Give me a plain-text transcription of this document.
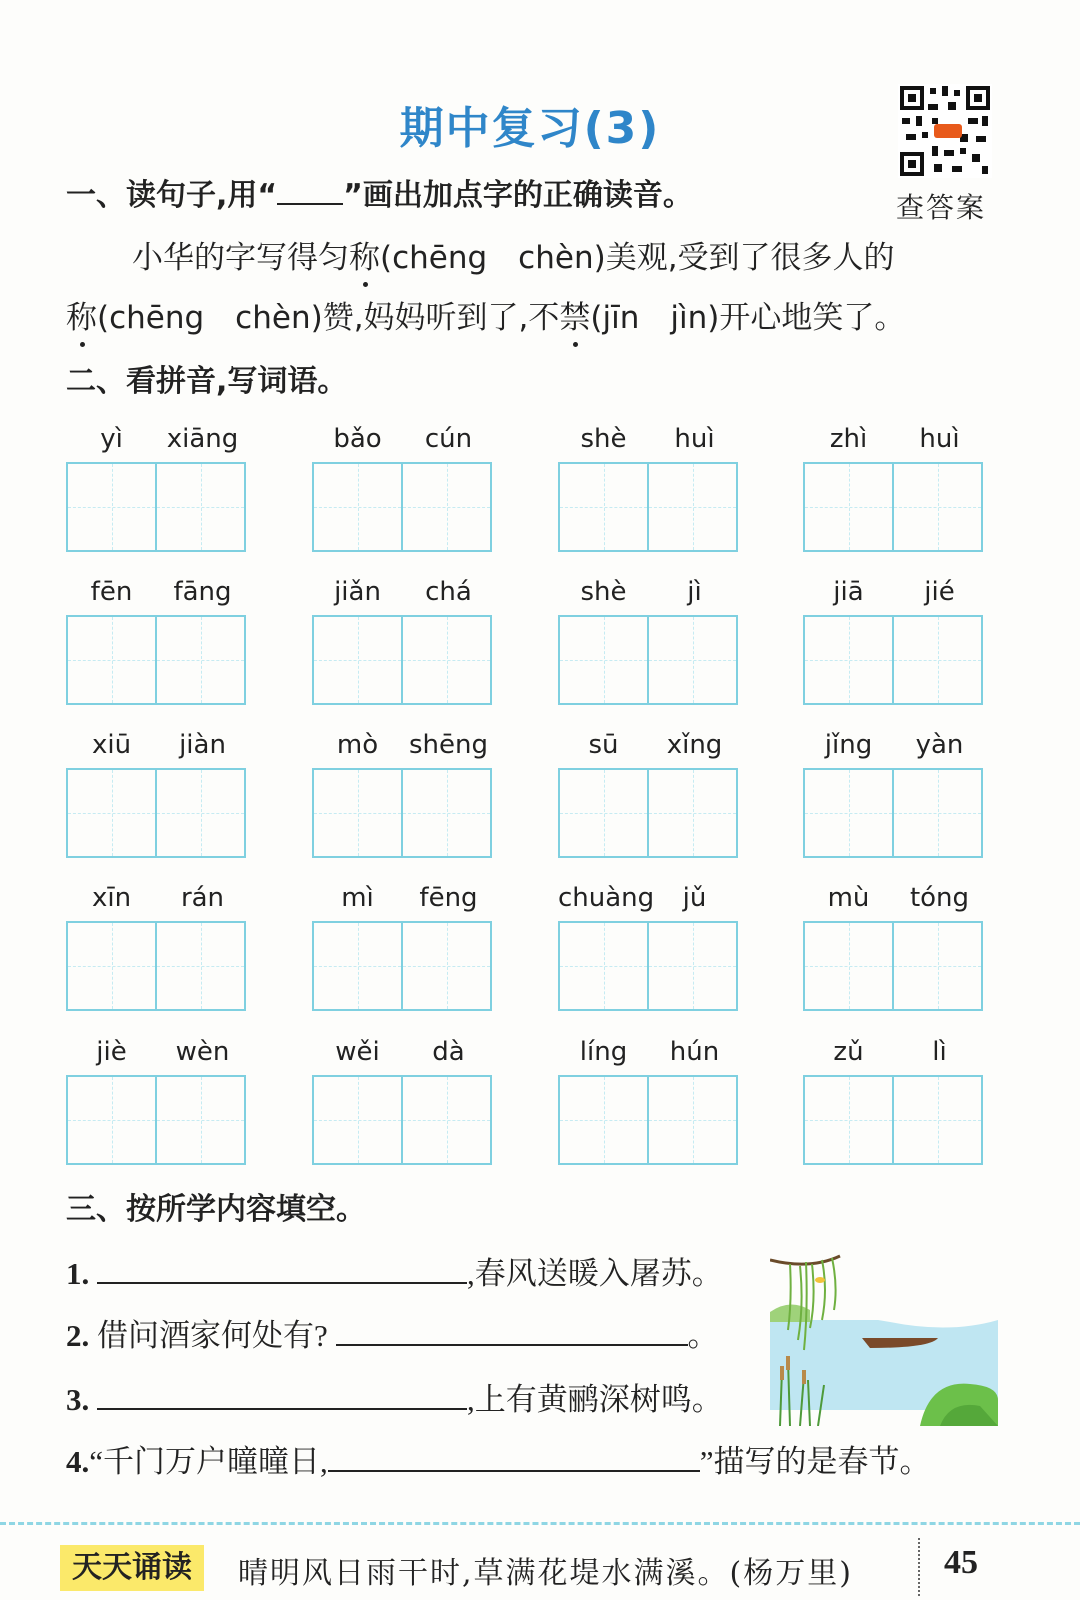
期中复习(3)
查答案
一、读句子,用“ ”画出加点字的正确读音。
小华的字写得匀称(chēng　chèn)美观,受到了很多人的
称(chēng　chèn)赞,妈妈听到了,不禁(jīn　jìn)开心地笑了。
二、看拼音,写词语。
yì	xiāng	bǎo	cún	shè	huì	zhì	huì
fēn	fāng	jiǎn	chá	shè	jì	jiā	jié
xiū	jiàn	mò	shēng	sū	xǐng	jǐng	yàn
xīn	rán	mì	fēng	chuàng	jǔ	mù	tóng
jiè	wèn	wěi	dà	líng	hún	zǔ	lì
三、按所学内容填空。
1.	,春风送暖入屠苏。
2. 借问酒家何处有?	。
3.	,上有黄鹂深树鸣。
4.“千门万户曈曈日,	”描写的是春节。
天天诵读	晴明风日雨干时,草满花堤水满溪。(杨万里)	45
